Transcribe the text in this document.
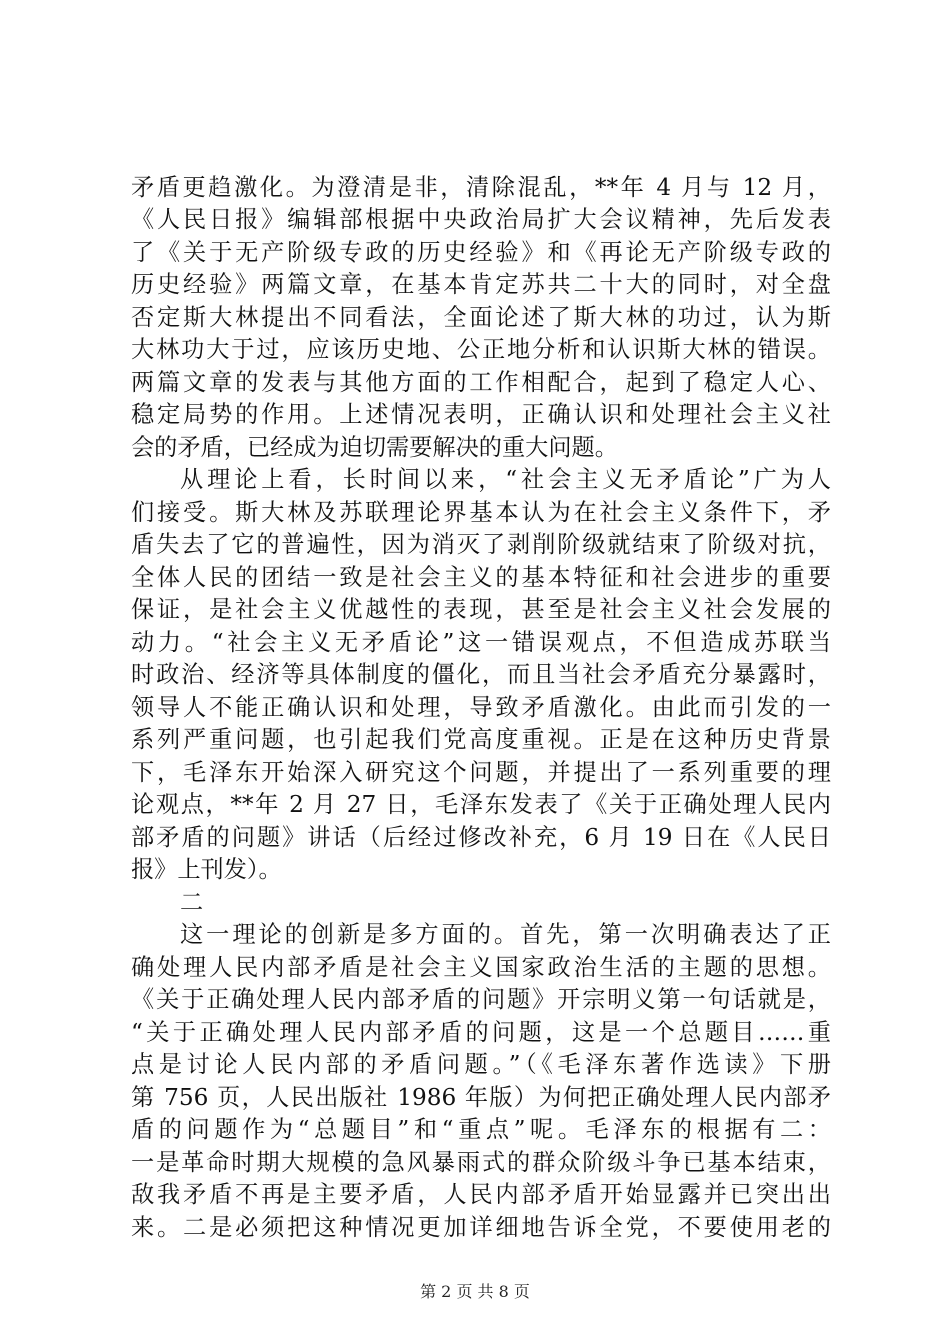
矛盾更趋激化。为澄清是非，清除混乱，**年 4 月与 12 月，
《人民日报》编辑部根据中央政治局扩大会议精神，先后发表
了《关于无产阶级专政的历史经验》和《再论无产阶级专政的
历史经验》两篇文章，在基本肯定苏共二十大的同时，对全盘
否定斯大林提出不同看法，全面论述了斯大林的功过，认为斯
大林功大于过，应该历史地、公正地分析和认识斯大林的错误。
两篇文章的发表与其他方面的工作相配合，起到了稳定人心、
稳定局势的作用。上述情况表明，正确认识和处理社会主义社
会的矛盾，已经成为迫切需要解决的重大问题。
从理论上看，长时间以来，“社会主义无矛盾论”广为人
们接受。斯大林及苏联理论界基本认为在社会主义条件下，矛
盾失去了它的普遍性，因为消灭了剥削阶级就结束了阶级对抗，
全体人民的团结一致是社会主义的基本特征和社会进步的重要
保证，是社会主义优越性的表现，甚至是社会主义社会发展的
动力。“社会主义无矛盾论”这一错误观点，不但造成苏联当
时政治、经济等具体制度的僵化，而且当社会矛盾充分暴露时，
领导人不能正确认识和处理，导致矛盾激化。由此而引发的一
系列严重问题，也引起我们党高度重视。正是在这种历史背景
下，毛泽东开始深入研究这个问题，并提出了一系列重要的理
论观点，**年 2 月 27 日，毛泽东发表了《关于正确处理人民内
部矛盾的问题》讲话（后经过修改补充，6 月 19 日在《人民日
报》上刊发）。
二
这一理论的创新是多方面的。首先，第一次明确表达了正
确处理人民内部矛盾是社会主义国家政治生活的主题的思想。
《关于正确处理人民内部矛盾的问题》开宗明义第一句话就是，
“关于正确处理人民内部矛盾的问题，这是一个总题目……重
点是讨论人民内部的矛盾问题。”（《毛泽东著作选读》下册
第 756 页，人民出版社 1986 年版）为何把正确处理人民内部矛
盾的问题作为“总题目”和“重点”呢。毛泽东的根据有二：
一是革命时期大规模的急风暴雨式的群众阶级斗争已基本结束，
敌我矛盾不再是主要矛盾，人民内部矛盾开始显露并已突出出
来。二是必须把这种情况更加详细地告诉全党，不要使用老的
第 2 页 共 8 页
